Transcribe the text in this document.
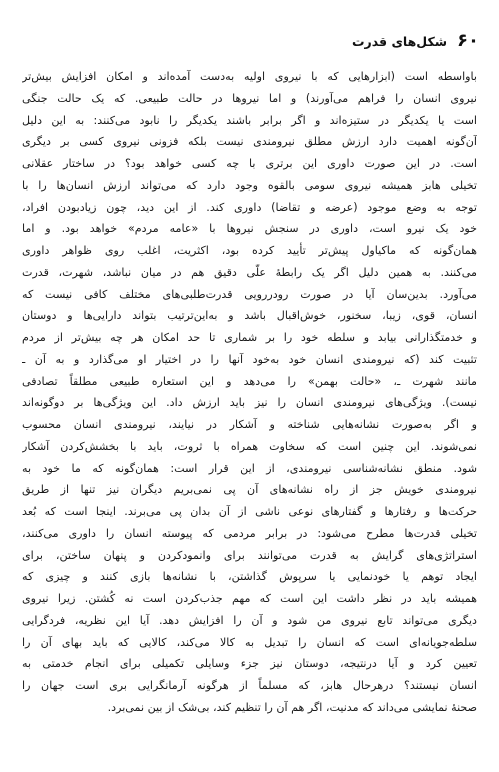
۶۰
شکل‌های قدرت
باواسطه است (ابزارهایی که با نیروی اولیه به‌دست آمده‌اند و امکان افزایش بیش‌تر
نیروی انسان را فراهم می‌آورند) و اما نیروها در حالت طبیعی. که یک حالت جنگی
است یا یکدیگر در ستیزه‌اند و اگر برابر باشند یکدیگر را نابود می‌کنند: به این دلیل
آن‌گونه اهمیت دارد ارزش مطلق نیرومندی نیست بلکه فزونی نیروی کسی بر دیگری
است. در این صورت داوری این برتری با چه کسی خواهد بود؟ در ساختار عقلانی
تخیلی هابز همیشه نیروی سومی بالقوه وجود دارد که می‌تواند ارزش انسان‌ها را با
توجه به وضع موجود (عرضه و تقاضا) داوری کند. از این دید، چون زیادبودن افراد،
خود یک نیرو است، داوری در سنجش نیروها با «عامه مردم» خواهد بود. و اما
همان‌گونه که ماکیاول پیش‌تر تأیید کرده بود، اکثریت، اغلب روی ظواهر داوری
می‌کنند. به همین دلیل اگر یک رابطهٔ علّی دقیق هم در میان نباشد، شهرت، قدرت
می‌آورد. بدین‌سان آیا در صورت رودررویی قدرت‌طلبی‌های مختلف کافی نیست که
انسان، قوی، زیبا، سخنور، خوش‌اقبال باشد و به‌این‌ترتیب بتواند دارایی‌ها و دوستان
و خدمتگذارانی بیابد و سلطه خود را بر شماری تا حد امکان هر چه بیش‌تر از مردم
تثبیت کند (که نیرومندی انسان خود به‌خود آنها را در اختیار او می‌گذارد و به آن ـ
مانند شهرت ـ، «حالت بهمن» را می‌دهد و این استعاره طبیعی مطلقاً تصادفی
نیست). ویژگی‌های نیرومندی انسان را نیز باید ارزش داد. این ویژگی‌ها بر دوگونه‌اند
و اگر به‌صورت نشانه‌هایی شناخته و آشکار در نیایند، نیرومندی انسان محسوب
نمی‌شوند. این چنین است که سخاوت همراه با ثروت، باید با بخشش‌کردن آشکار
شود. منطق نشانه‌شناسی نیرومندی، از این قرار است: همان‌گونه که ما خود به
نیرومندی خویش جز از راه نشانه‌های آن پی نمی‌بریم دیگران نیز تنها از طریق
حرکت‌ها و رفتارها و گفتارهای نوعی ناشی از آن بدان پی می‌برند. اینجا است که بُعد
تخیلی قدرت‌ها مطرح می‌شود: در برابر مردمی که پیوسته انسان را داوری می‌کنند،
استراتژی‌های گرایش به قدرت می‌توانند برای وانمودکردن و پنهان ساختن، برای
ایجاد توهم یا خودنمایی یا سرپوش گذاشتن، با نشانه‌ها بازی کنند و چیزی که
همیشه باید در نظر داشت این است که مهم جذب‌کردن است نه کُشتن. زیرا نیروی
دیگری می‌تواند تابع نیروی من شود و آن را افزایش دهد. آیا این نظریه، فردگرایی
سلطه‌جویانه‌ای است که انسان را تبدیل به کالا می‌کند، کالایی که باید بهای آن را
تعیین کرد و آیا درنتیجه، دوستان نیز جزء وسایلی تکمیلی برای انجام خدمتی به
انسان نیستند؟ درهرحال هابز، که مسلماً از هرگونه آرمانگرایی بری است جهان را
صحنهٔ نمایشی می‌داند که مدنیت، اگر هم آن را تنظیم کند، بی‌شک از بین نمی‌برد.
